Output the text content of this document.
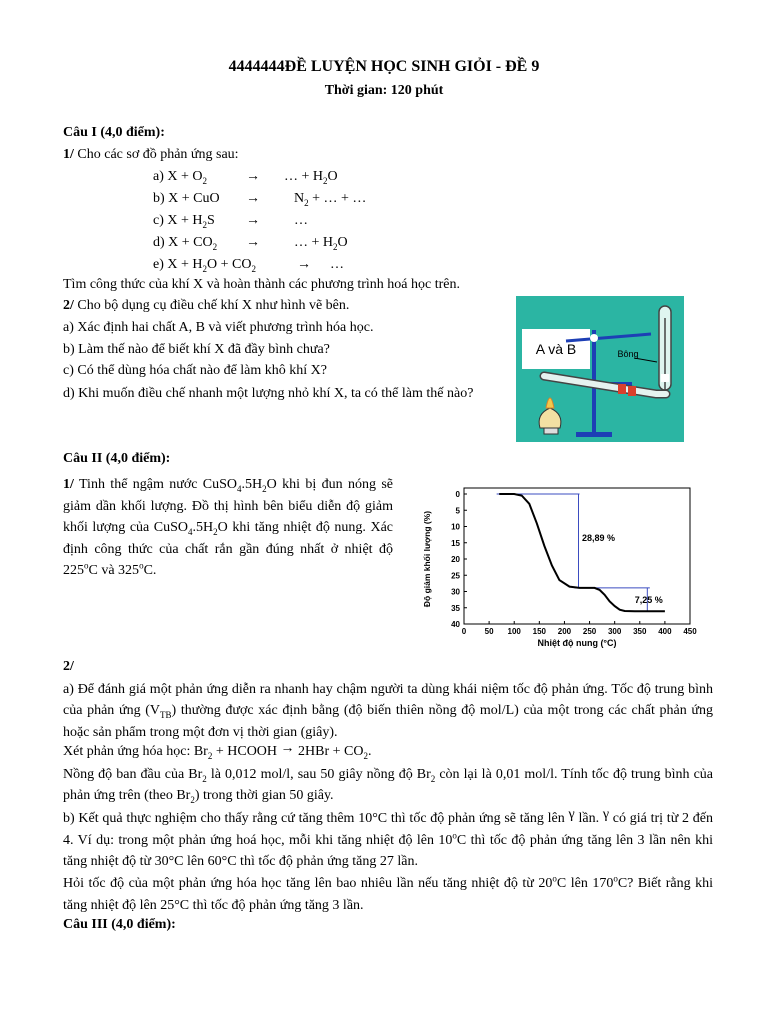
4444444ĐỀ LUYỆN HỌC SINH GIỎI - ĐỀ 9
Thời gian: 120 phút
Câu I (4,0 điểm):
1/ Cho các sơ đồ phản ứng sau:
a) $X + O_2$	→ … + $H_2O$
b) X + CuO → $N_2$ + … + …
c) $X + H_2S$ → …
d) $X + CO_2$ → … + $H_2O$
e) $X + H_2O + CO_2$	→ …
Tìm công thức của khí X và hoàn thành các phương trình hoá học trên.
2/ Cho bộ dụng cụ điều chế khí X như hình vẽ bên.
a) Xác định hai chất A, B và viết phương trình hóa học.
b) Làm thế nào để biết khí X đã đầy bình chưa?
c) Có thể dùng hóa chất nào để làm khô khí X?
d) Khi muốn điều chế nhanh một lượng nhỏ khí X, ta có thể làm thế nào?
A và B	Bông
Câu II (4,0 điểm):
1/ Tinh thể ngậm nước $CuSO_4.5H_2O$ khi bị đun nóng sẽ giảm dần khối lượng. Đồ thị hình bên biểu diễn độ giảm khối lượng của $CuSO_4.5H_2O$ khi tăng nhiệt độ nung. Xác định công thức của chất rắn gần đúng nhất ở nhiệt độ 225$^o$C và 325$^o$C.
0 50 100 150 200 250 300 350 400 450
0
5
10
15
20
25
30
35
40
28,89 %
7,25 %
Nhiệt độ nung (°C)
Độ giảm khối lượng (%)
2/
a) Để đánh giá một phản ứng diễn ra nhanh hay chậm người ta dùng khái niệm tốc độ phản ứng. Tốc độ trung bình của phản ứng $(V_{TB})$ thường được xác định bằng (độ biến thiên nồng độ mol/L) của một trong các chất phản ứng hoặc sản phẩm trong một đơn vị thời gian (giây).
Xét phản ứng hóa học: $Br_2$ + HCOOH → $2HBr + CO_2$.
Nồng độ ban đầu của $Br_2$ là 0,012 mol/l, sau 50 giây nồng độ $Br_2$ còn lại là 0,01 mol/l. Tính tốc độ trung bình của phản ứng trên (theo $Br_2$) trong thời gian 50 giây.
b) Kết quả thực nghiệm cho thấy rằng cứ tăng thêm 10°C thì tốc độ phản ứng sẽ tăng lên γ lần. γ có giá trị từ 2 đến 4. Ví dụ: trong một phản ứng hoá học, mỗi khi tăng nhiệt độ lên 10$^o$C thì tốc độ phản ứng tăng lên 3 lần nên khi tăng nhiệt độ từ 30°C lên 60°C thì tốc độ phản ứng tăng 27 lần.
Hỏi tốc độ của một phản ứng hóa học tăng lên bao nhiêu lần nếu tăng nhiệt độ từ 20$^o$C lên 170$^o$C? Biết rằng khi tăng nhiệt độ lên 25°C thì tốc độ phản ứng tăng 3 lần.
Câu III (4,0 điểm):
